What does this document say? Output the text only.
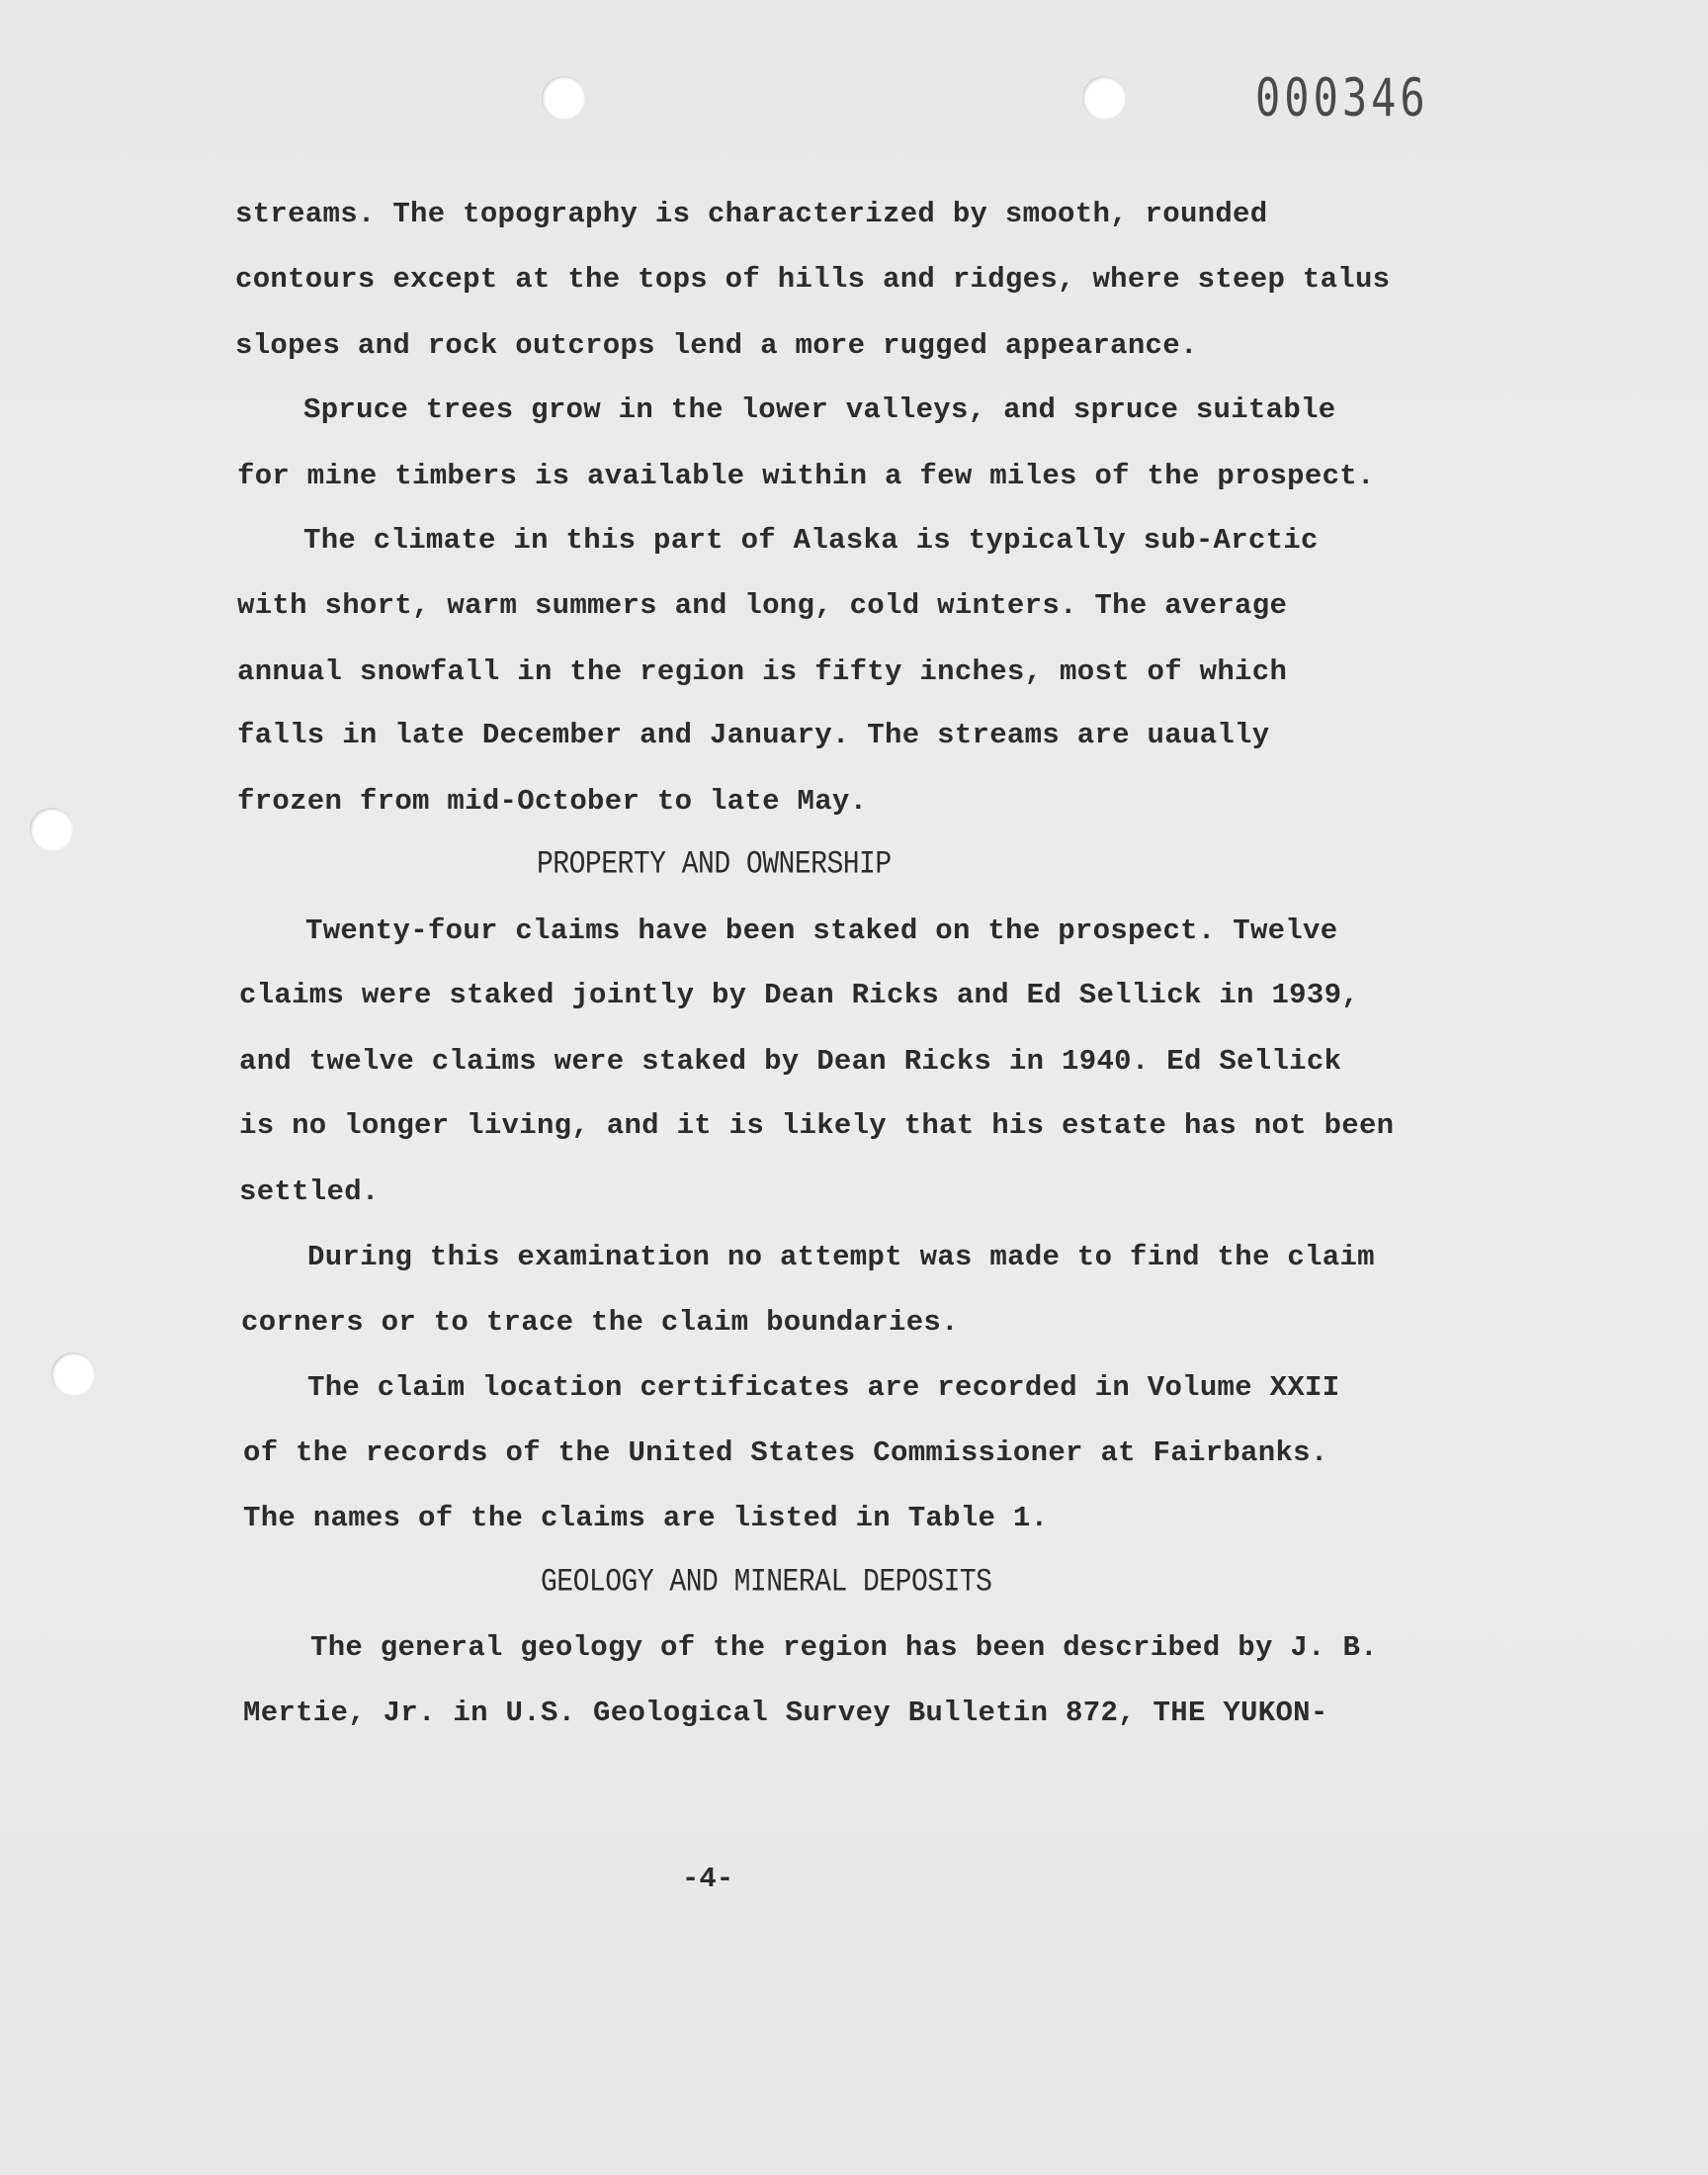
000346
streams. The topography is characterized by smooth, rounded
contours except at the tops of hills and ridges, where steep talus
slopes and rock outcrops lend a more rugged appearance.
Spruce trees grow in the lower valleys, and spruce suitable
for mine timbers is available within a few miles of the prospect.
The climate in this part of Alaska is typically sub-Arctic
with short, warm summers and long, cold winters. The average
annual snowfall in the region is fifty inches, most of which
falls in late December and January. The streams are uaually
frozen from mid-October to late May.
PROPERTY AND OWNERSHIP
Twenty-four claims have been staked on the prospect. Twelve
claims were staked jointly by Dean Ricks and Ed Sellick in 1939,
and twelve claims were staked by Dean Ricks in 1940. Ed Sellick
is no longer living, and it is likely that his estate has not been
settled.
During this examination no attempt was made to find the claim
corners or to trace the claim boundaries.
The claim location certificates are recorded in Volume XXII
of the records of the United States Commissioner at Fairbanks.
The names of the claims are listed in Table 1.
GEOLOGY AND MINERAL DEPOSITS
The general geology of the region has been described by J. B.
Mertie, Jr. in U.S. Geological Survey Bulletin 872, THE YUKON-
-4-
